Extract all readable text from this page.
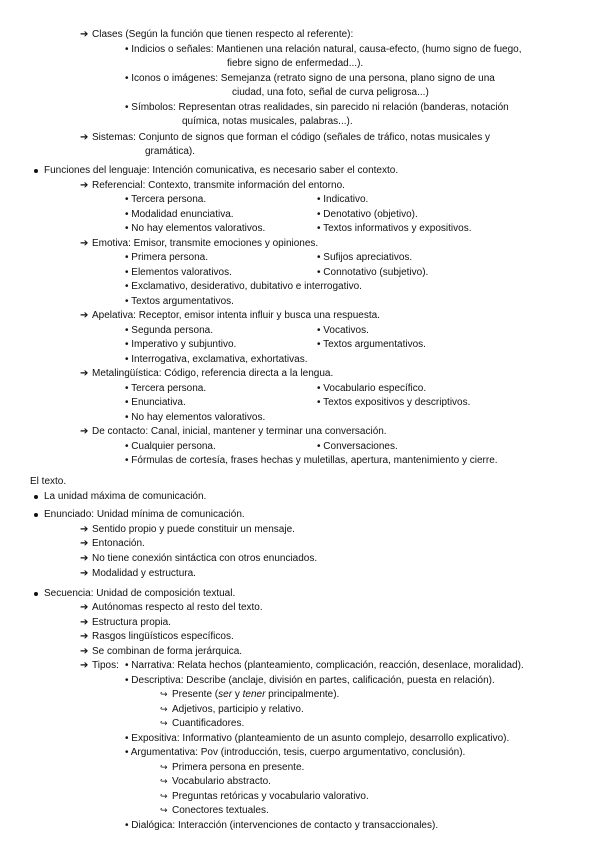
➔ Clases (Según la función que tienen respecto al referente):
• Indicios o señales: Mantienen una relación natural, causa-efecto, (humo signo de fuego,
fiebre signo de enfermedad...).
• Iconos o imágenes: Semejanza (retrato signo de una persona, plano signo de una
ciudad, una foto, señal de curva peligrosa...)
• Símbolos: Representan otras realidades, sin parecido ni relación (banderas, notación
química, notas musicales, palabras...).
➔ Sistemas: Conjunto de signos que forman el código (señales de tráfico, notas musicales y
gramática).
Funciones del lenguaje: Intención comunicativa, es necesario saber el contexto.
➔ Referencial: Contexto, transmite información del entorno.
• Tercera persona.	• Indicativo.
• Modalidad enunciativa.	• Denotativo (objetivo).
• No hay elementos valorativos.	• Textos informativos y expositivos.
➔ Emotiva: Emisor, transmite emociones y opiniones.
• Primera persona.	• Sufijos apreciativos.
• Elementos valorativos.	• Connotativo (subjetivo).
• Exclamativo, desiderativo, dubitativo e interrogativo.
• Textos argumentativos.
➔ Apelativa: Receptor, emisor intenta influir y busca una respuesta.
• Segunda persona.	• Vocativos.
• Imperativo y subjuntivo.	• Textos argumentativos.
• Interrogativa, exclamativa, exhortativas.
➔ Metalingüística: Código, referencia directa a la lengua.
• Tercera persona.	• Vocabulario específico.
• Enunciativa.	• Textos expositivos y descriptivos.
• No hay elementos valorativos.
➔ De contacto: Canal, inicial, mantener y terminar una conversación.
• Cualquier persona.	• Conversaciones.
• Fórmulas de cortesía, frases hechas y muletillas, apertura, mantenimiento y cierre.
El texto.
La unidad máxima de comunicación.
Enunciado: Unidad mínima de comunicación.
➔ Sentido propio y puede constituir un mensaje.
➔ Entonación.
➔ No tiene conexión sintáctica con otros enunciados.
➔ Modalidad y estructura.
Secuencia: Unidad de composición textual.
➔ Autónomas respecto al resto del texto.
➔ Estructura propia.
➔ Rasgos lingüísticos específicos.
➔ Se combinan de forma jerárquica.
➔ Tipos: • Narrativa: Relata hechos (planteamiento, complicación, reacción, desenlace, moralidad).
• Descriptiva: Describe (anclaje, división en partes, calificación, puesta en relación).
↪ Presente (ser y tener principalmente).
↪ Adjetivos, participio y relativo.
↪ Cuantificadores.
• Expositiva: Informativo (planteamiento de un asunto complejo, desarrollo explicativo).
• Argumentativa: Pov (introducción, tesis, cuerpo argumentativo, conclusión).
↪ Primera persona en presente.
↪ Vocabulario abstracto.
↪ Preguntas retóricas y vocabulario valorativo.
↪ Conectores textuales.
• Dialógica: Interacción (intervenciones de contacto y transaccionales).
